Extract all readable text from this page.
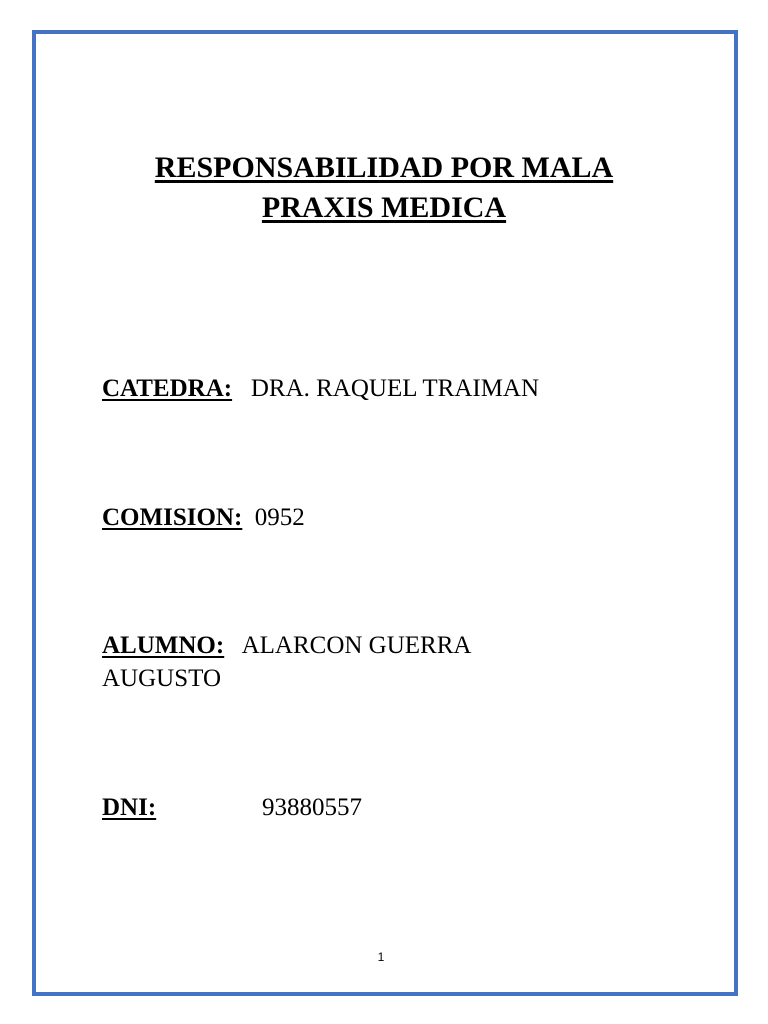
RESPONSABILIDAD POR MALA
PRAXIS MEDICA
CATEDRA: DRA. RAQUEL TRAIMAN
COMISION: 0952
ALUMNO: ALARCON GUERRA
AUGUSTO
DNI:	93880557
1
